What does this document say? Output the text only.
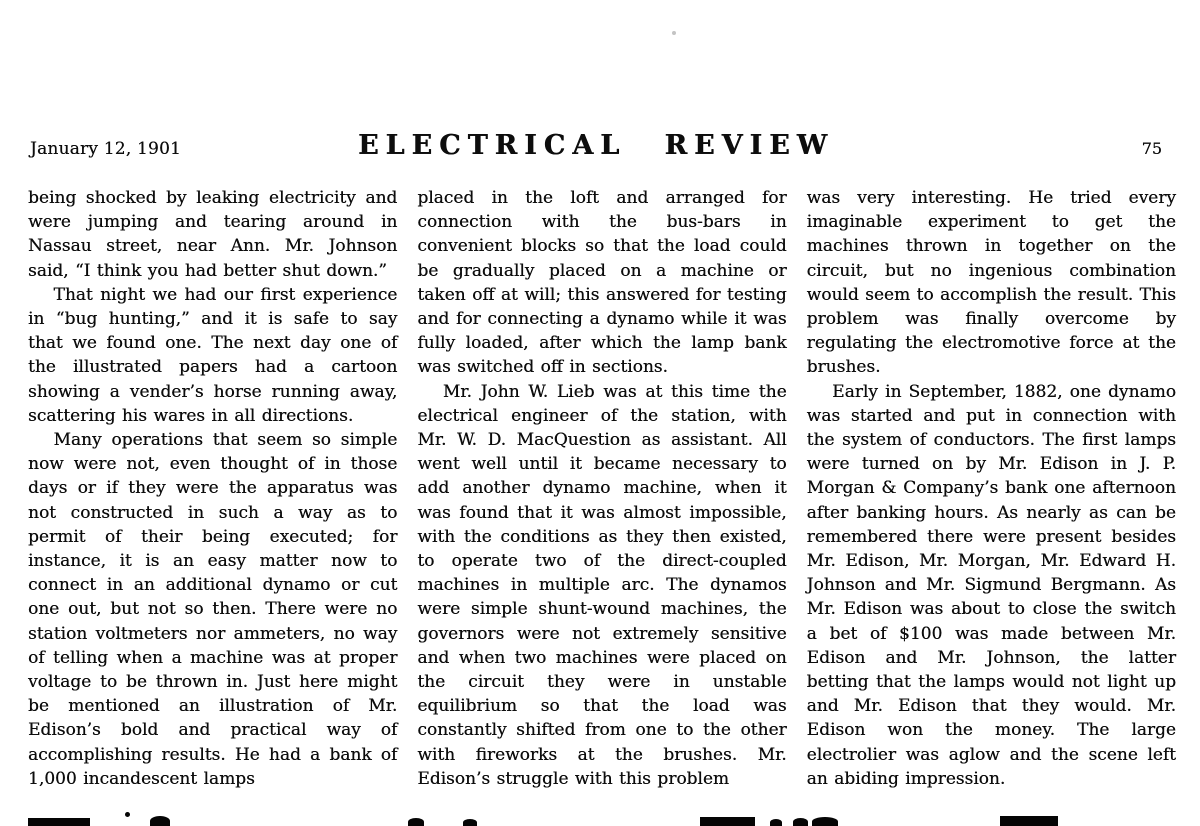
January 12, 1901	ELECTRICAL REVIEW	75

being shocked by leaking electricity and were jumping and tearing around in Nassau street, near Ann. Mr. Johnson said, “I think you had better shut down.”

That night we had our first experience in “bug hunting,” and it is safe to say that we found one. The next day one of the illustrated papers had a cartoon showing a vender’s horse running away, scattering his wares in all directions.

Many operations that seem so simple now were not, even thought of in those days or if they were the apparatus was not constructed in such a way as to permit of their being executed; for instance, it is an easy matter now to connect in an additional dynamo or cut one out, but not so then. There were no station voltmeters nor ammeters, no way of telling when a machine was at proper voltage to be thrown in. Just here might be mentioned an illustration of Mr. Edison’s bold and practical way of accomplishing results. He had a bank of 1,000 incandescent lamps

placed in the loft and arranged for connection with the bus-bars in convenient blocks so that the load could be gradually placed on a machine or taken off at will; this answered for testing and for connecting a dynamo while it was fully loaded, after which the lamp bank was switched off in sections.

Mr. John W. Lieb was at this time the electrical engineer of the station, with Mr. W. D. MacQuestion as assistant. All went well until it became necessary to add another dynamo machine, when it was found that it was almost impossible, with the conditions as they then existed, to operate two of the direct-coupled machines in multiple arc. The dynamos were simple shunt-wound machines, the governors were not extremely sensitive and when two machines were placed on the circuit they were in unstable equilibrium so that the load was constantly shifted from one to the other with fireworks at the brushes. Mr. Edison’s struggle with this problem

was very interesting. He tried every imaginable experiment to get the machines thrown in together on the circuit, but no ingenious combination would seem to accomplish the result. This problem was finally overcome by regulating the electromotive force at the brushes.

Early in September, 1882, one dynamo was started and put in connection with the system of conductors. The first lamps were turned on by Mr. Edison in J. P. Morgan & Company’s bank one afternoon after banking hours. As nearly as can be remembered there were present besides Mr. Edison, Mr. Morgan, Mr. Edward H. Johnson and Mr. Sigmund Bergmann. As Mr. Edison was about to close the switch a bet of $100 was made between Mr. Edison and Mr. Johnson, the latter betting that the lamps would not light up and Mr. Edison that they would. Mr. Edison won the money. The large electrolier was aglow and the scene left an abiding impression.
